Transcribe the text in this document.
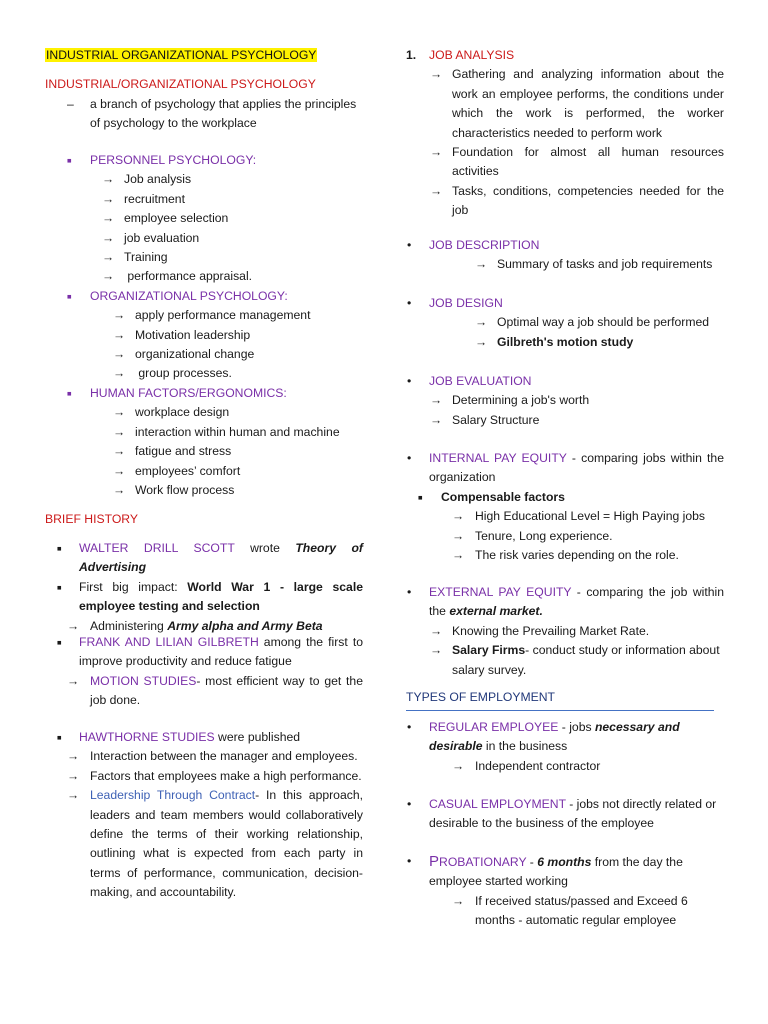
INDUSTRIAL ORGANIZATIONAL PSYCHOLOGY
INDUSTRIAL/ORGANIZATIONAL PSYCHOLOGY
– a branch of psychology that applies the principles of psychology to the workplace
■ PERSONNEL PSYCHOLOGY:
→
Job analysis
→
recruitment
→
employee selection
→
job evaluation
→
Training
→
performance appraisal.
■ ORGANIZATIONAL PSYCHOLOGY:
→
apply performance management
→
Motivation leadership
→
organizational change
→
group processes.
■ HUMAN FACTORS/ERGONOMICS:
→
workplace design
→
interaction within human and machine
→
fatigue and stress
→
employees’ comfort
→
Work flow process
BRIEF HISTORY
■ WALTER DRILL SCOTT wrote Theory of Advertising
■ First big impact: World War 1 - large scale employee testing and selection
→
Administering Army alpha and Army Beta
■ FRANK AND LILIAN GILBRETH among the first to improve productivity and reduce fatigue
→
MOTION STUDIES- most efficient way to get the job done.
■ HAWTHORNE STUDIES were published
→
Interaction between the manager and employees.
→
Factors that employees make a high performance.
→
Leadership Through Contract- In this approach, leaders and team members would collaboratively define the terms of their working relationship, outlining what is expected from each party in terms of performance, communication, decision-making, and accountability.
1. JOB ANALYSIS
→
Gathering and analyzing information about the work an employee performs, the conditions under which the work is performed, the worker characteristics needed to perform work
→
Foundation for almost all human resources activities
→
Tasks, conditions, competencies needed for the job
• JOB DESCRIPTION
→
Summary of tasks and job requirements
• JOB DESIGN
→
Optimal way a job should be performed
→
Gilbreth's motion study
• JOB EVALUATION
→
Determining a job's worth
→
Salary Structure
• INTERNAL PAY EQUITY - comparing jobs within the organization
■ Compensable factors
→
High Educational Level = High Paying jobs
→
Tenure, Long experience.
→
The risk varies depending on the role.
• EXTERNAL PAY EQUITY - comparing the job within the external market.
→
Knowing the Prevailing Market Rate.
→
Salary Firms- conduct study or information about salary survey.
TYPES OF EMPLOYMENT
• REGULAR EMPLOYEE - jobs necessary and desirable in the business
→
Independent contractor
• CASUAL EMPLOYMENT - jobs not directly related or desirable to the business of the employee
• PROBATIONARY - 6 months from the day the employee started working
→
If received status/passed and Exceed 6 months - automatic regular employee
